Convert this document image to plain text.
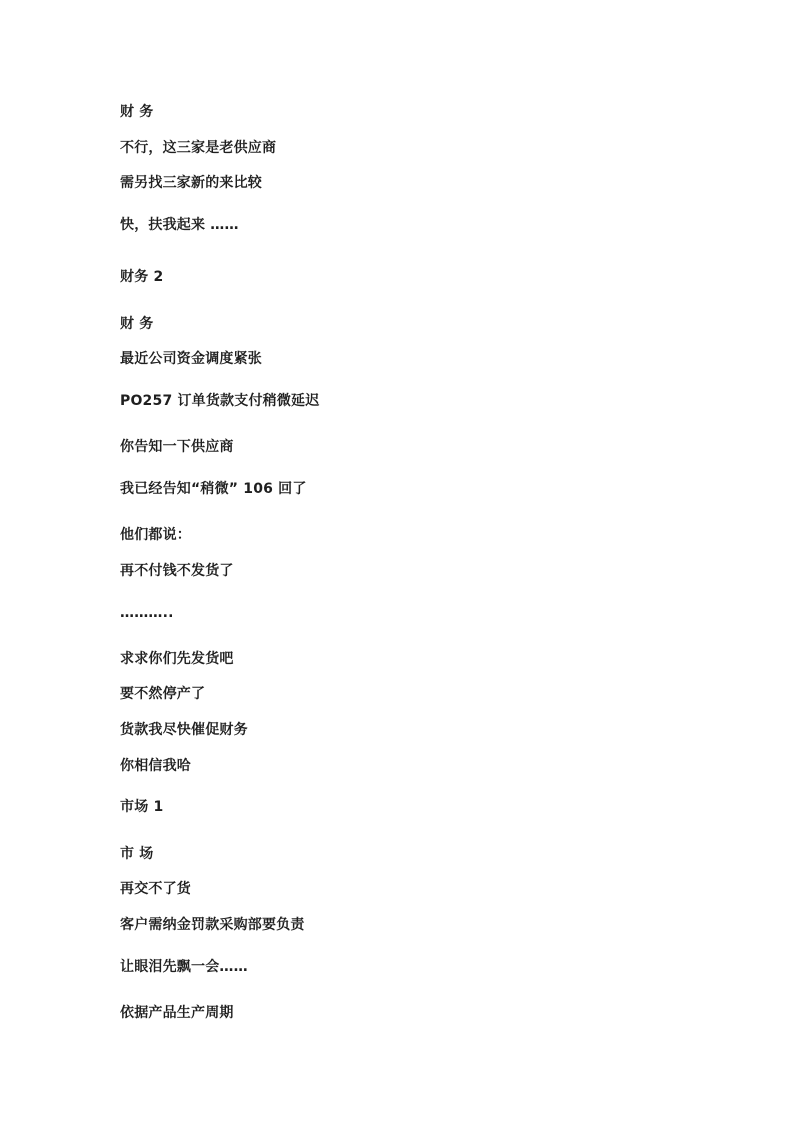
财 务
不行，这三家是老供应商
需另找三家新的来比较
快，扶我起来 ……
财务 2
财 务
最近公司资金调度紧张
PO257 订单货款支付稍微延迟
你告知一下供应商
我已经告知“稍微” 106 回了
他们都说：
再不付钱不发货了
………..
求求你们先发货吧
要不然停产了
货款我尽快催促财务
你相信我哈
市场 1
市 场
再交不了货
客户需纳金罚款采购部要负责
让眼泪先飘一会……
依据产品生产周期
